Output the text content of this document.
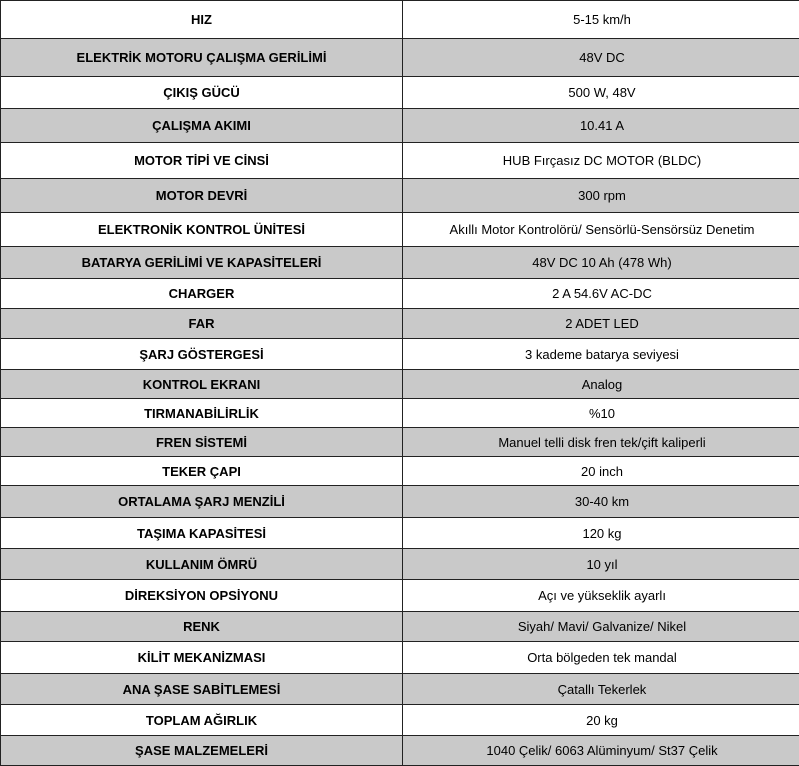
HIZ	5-15 km/h
ELEKTRİK MOTORU ÇALIŞMA GERİLİMİ	48V DC
ÇIKIŞ GÜCÜ	500 W, 48V
ÇALIŞMA AKIMI	10.41 A
MOTOR TİPİ VE CİNSİ	HUB Fırçasız DC MOTOR (BLDC)
MOTOR DEVRİ	300 rpm
ELEKTRONİK KONTROL ÜNİTESİ	Akıllı Motor Kontrolörü/ Sensörlü-Sensörsüz Denetim
BATARYA GERİLİMİ VE KAPASİTELERİ	48V DC 10 Ah (478 Wh)
CHARGER	2 A 54.6V AC-DC
FAR	2 ADET LED
ŞARJ GÖSTERGESİ	3 kademe batarya seviyesi
KONTROL EKRANI	Analog
TIRMANABİLİRLİK	%10
FREN SİSTEMİ	Manuel telli disk fren tek/çift kaliperli
TEKER ÇAPI	20 inch
ORTALAMA ŞARJ MENZİLİ	30-40 km
TAŞIMA KAPASİTESİ	120 kg
KULLANIM ÖMRÜ	10 yıl
DİREKSİYON OPSİYONU	Açı ve yükseklik ayarlı
RENK	Siyah/ Mavi/ Galvanize/ Nikel
KİLİT MEKANİZMASI	Orta bölgeden tek mandal
ANA ŞASE SABİTLEMESİ	Çatallı Tekerlek
TOPLAM AĞIRLIK	20 kg
ŞASE MALZEMELERİ	1040 Çelik/ 6063 Alüminyum/ St37 Çelik
